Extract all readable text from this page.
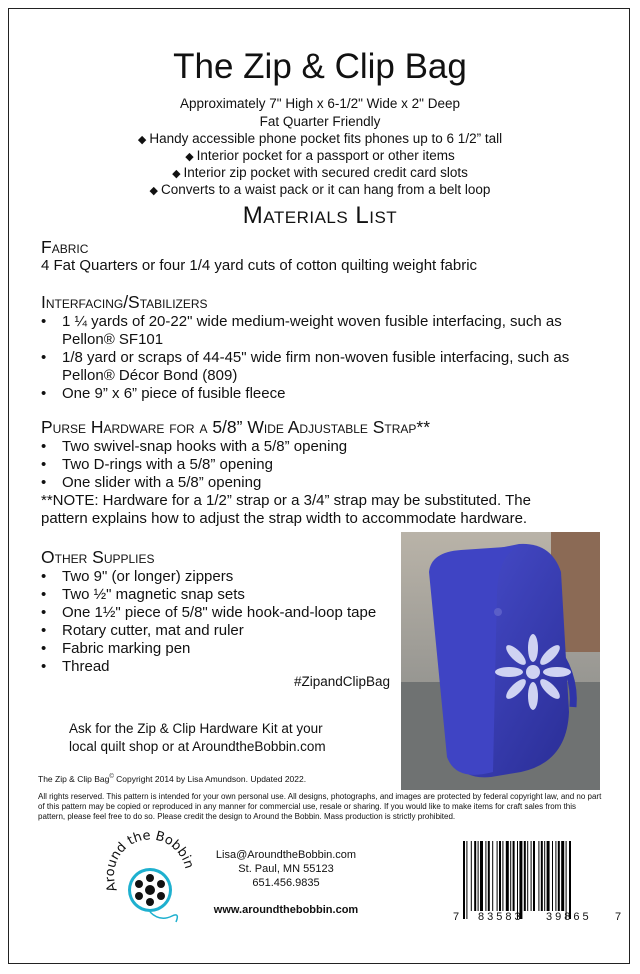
The Zip & Clip Bag
Approximately 7" High x 6-1/2" Wide x 2" Deep
Fat Quarter Friendly
◆ Handy accessible phone pocket fits phones up to 6 1/2” tall
◆ Interior pocket for a passport or other items
◆ Interior zip pocket with secured credit card slots
◆ Converts to a waist pack or it can hang from a belt loop
Materials List
Fabric
4 Fat Quarters or four 1/4 yard cuts of cotton quilting weight fabric
Interfacing/Stabilizers
• 1 ¼ yards of 20-22" wide medium-weight woven fusible interfacing, such as
Pellon® SF101
• 1/8 yard or scraps of 44-45" wide firm non-woven fusible interfacing, such as
Pellon® Décor Bond (809)
• One 9” x 6” piece of fusible fleece
Purse Hardware for a 5/8” Wide Adjustable Strap**
• Two swivel-snap hooks with a 5/8” opening
• Two D-rings with a 5/8” opening
• One slider with a 5/8” opening
**NOTE: Hardware for a 1/2” strap or a 3/4” strap may be substituted. The
pattern explains how to adjust the strap width to accommodate hardware.
Other Supplies
• Two 9" (or longer) zippers
• Two ½" magnetic snap sets
• One 1½" piece of 5/8" wide hook-and-loop tape
• Rotary cutter, mat and ruler
• Fabric marking pen
• Thread
#ZipandClipBag
Ask for the Zip & Clip Hardware Kit at your
local quilt shop or at AroundtheBobbin.com
The Zip & Clip Bag© Copyright 2014 by Lisa Amundson. Updated 2022.
All rights reserved. This pattern is intended for your own personal use. All designs, photographs, and images are protected by federal copyright law, and no part of this pattern may be copied or reproduced in any manner for commercial use, resale or sharing. If you would like to make items for craft sales from this pattern, please feel free to do so. Please credit the design to Around the Bobbin. Mass production is strictly prohibited.
Around the Bobbin
Lisa@AroundtheBobbin.com
St. Paul, MN 55123
651.456.9835
www.aroundthebobbin.com
7 83583 39865 7
